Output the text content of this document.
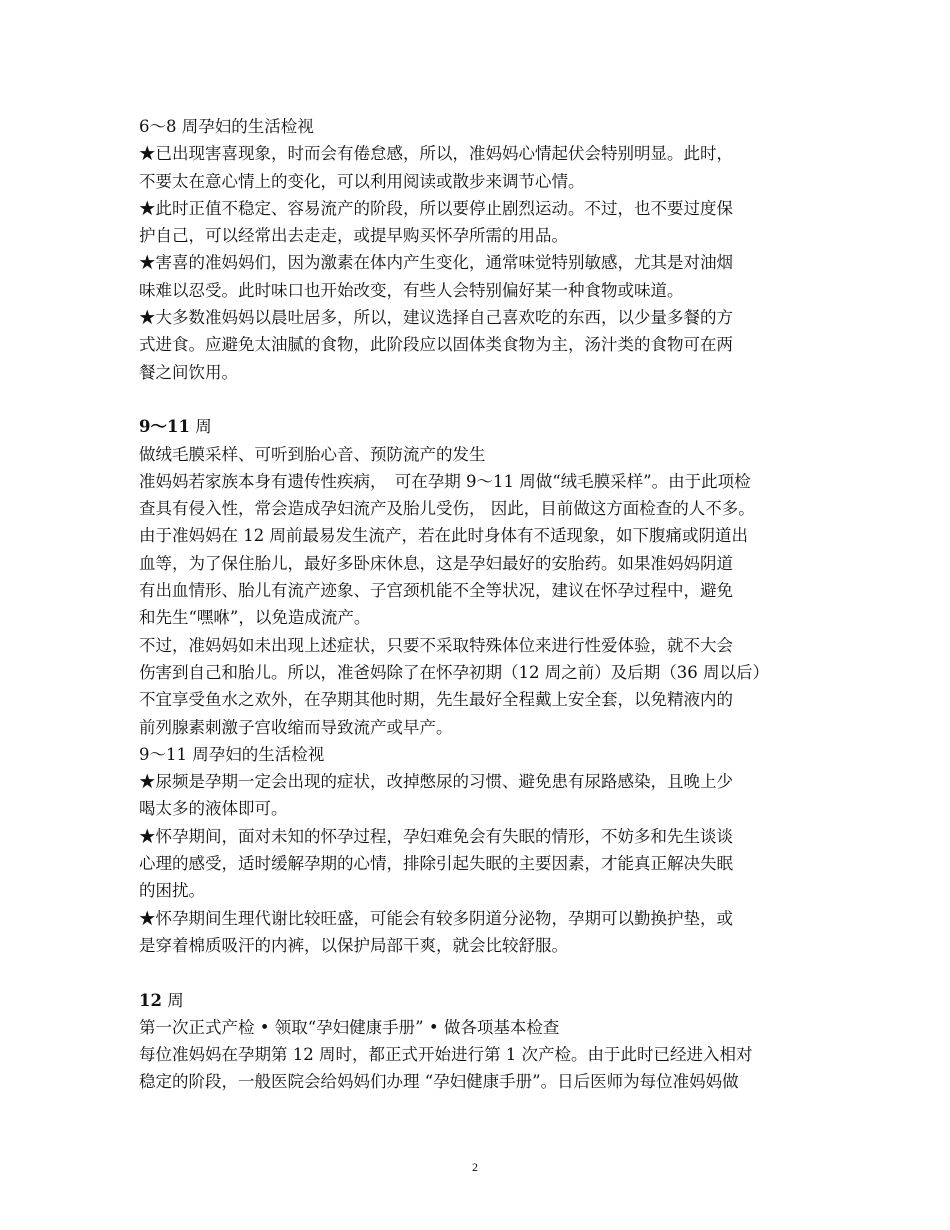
6～8 周孕妇的生活检视
★已出现害喜现象，时而会有倦怠感，所以，准妈妈心情起伏会特别明显。此时，
不要太在意心情上的变化，可以利用阅读或散步来调节心情。
★此时正值不稳定、容易流产的阶段，所以要停止剧烈运动。不过，也不要过度保
护自己，可以经常出去走走，或提早购买怀孕所需的用品。
★害喜的准妈妈们，因为激素在体内产生变化，通常味觉特别敏感，尤其是对油烟
味难以忍受。此时味口也开始改变，有些人会特别偏好某一种食物或味道。
★大多数准妈妈以晨吐居多，所以，建议选择自己喜欢吃的东西，以少量多餐的方
式进食。应避免太油腻的食物，此阶段应以固体类食物为主，汤汁类的食物可在两
餐之间饮用。
9～11 周
做绒毛膜采样、可听到胎心音、预防流产的发生
准妈妈若家族本身有遗传性疾病，　可在孕期 9～11 周做“绒毛膜采样”。由于此项检
查具有侵入性，常会造成孕妇流产及胎儿受伤， 因此，目前做这方面检查的人不多。
由于准妈妈在 12 周前最易发生流产，若在此时身体有不适现象，如下腹痛或阴道出
血等，为了保住胎儿，最好多卧床休息，这是孕妇最好的安胎药。如果准妈妈阴道
有出血情形、胎儿有流产迹象、子宫颈机能不全等状况，建议在怀孕过程中，避免
和先生“嘿咻”，以免造成流产。
不过，准妈妈如未出现上述症状，只要不采取特殊体位来进行性爱体验，就不大会
伤害到自己和胎儿。所以，准爸妈除了在怀孕初期（12 周之前）及后期（36 周以后）
不宜享受鱼水之欢外，在孕期其他时期，先生最好全程戴上安全套，以免精液内的
前列腺素刺激子宫收缩而导致流产或早产。
9～11 周孕妇的生活检视
★尿频是孕期一定会出现的症状，改掉憋尿的习惯、避免患有尿路感染，且晚上少
喝太多的液体即可。
★怀孕期间，面对未知的怀孕过程，孕妇难免会有失眠的情形，不妨多和先生谈谈
心理的感受，适时缓解孕期的心情，排除引起失眠的主要因素，才能真正解决失眠
的困扰。
★怀孕期间生理代谢比较旺盛，可能会有较多阴道分泌物，孕期可以勤换护垫，或
是穿着棉质吸汗的内裤，以保护局部干爽，就会比较舒服。
12 周
第一次正式产检 • 领取“孕妇健康手册” • 做各项基本检查
每位准妈妈在孕期第 12 周时，都正式开始进行第 1 次产检。由于此时已经进入相对
稳定的阶段，一般医院会给妈妈们办理 “孕妇健康手册”。日后医师为每位准妈妈做
2
